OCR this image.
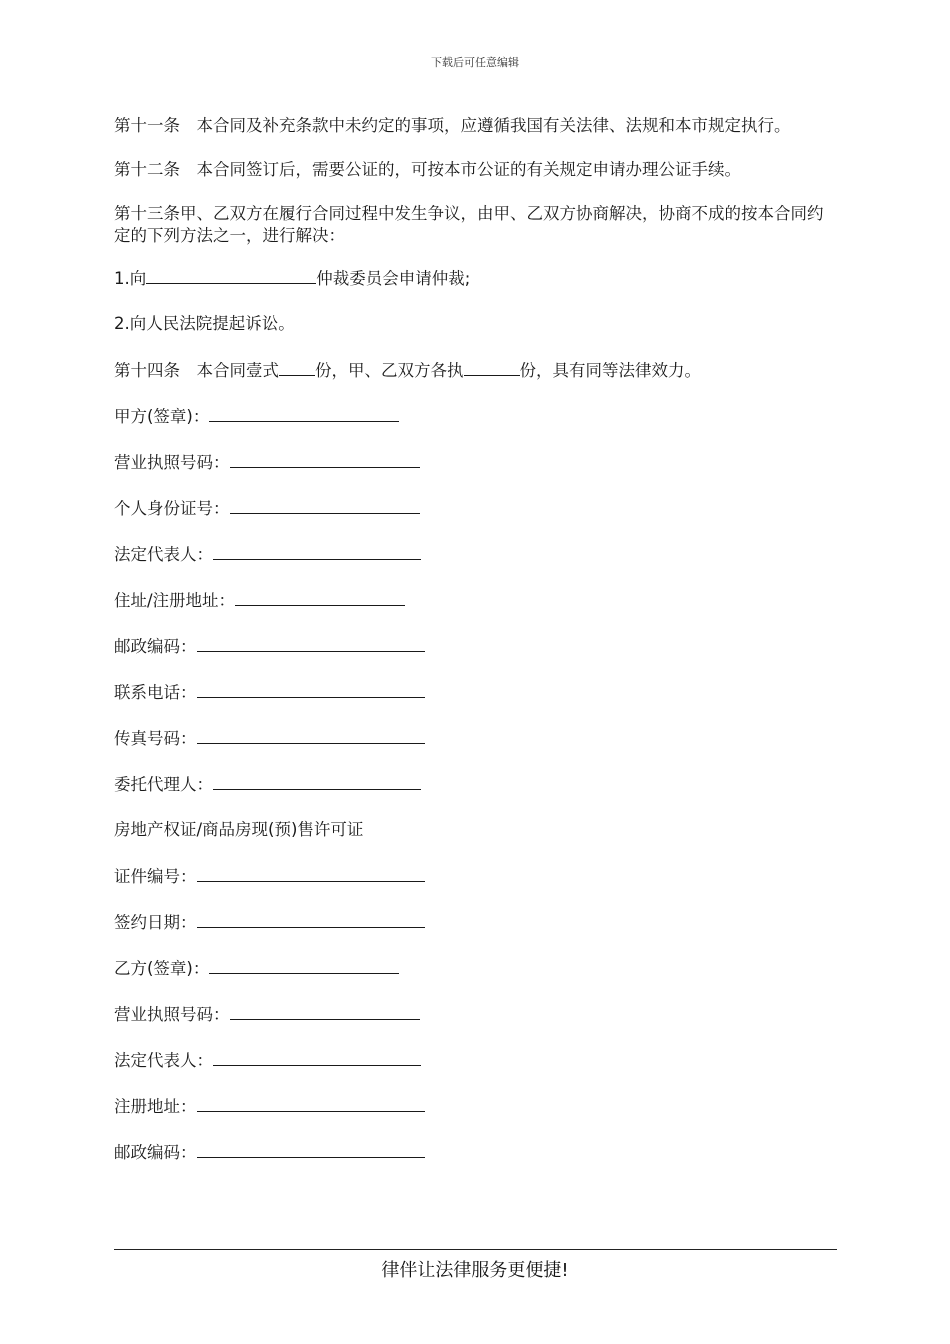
下载后可任意编辑

第十一条　本合同及补充条款中未约定的事项，应遵循我国有关法律、法规和本市规定执行。

第十二条　本合同签订后，需要公证的，可按本市公证的有关规定申请办理公证手续。

第十三条甲、乙双方在履行合同过程中发生争议，由甲、乙双方协商解决，协商不成的按本合同约定的下列方法之一，进行解决：

1.向	仲裁委员会申请仲裁;
2.向人民法院提起诉讼。
第十四条　本合同壹式 份，甲、乙双方各执	份，具有同等法律效力。
甲方(签章)：
营业执照号码：
个人身份证号：
法定代表人：
住址/注册地址：
邮政编码：
联系电话：
传真号码：
委托代理人：
房地产权证/商品房现(预)售许可证
证件编号：
签约日期：
乙方(签章)：
营业执照号码：
法定代表人：
注册地址：
邮政编码：
律伴让法律服务更便捷!
